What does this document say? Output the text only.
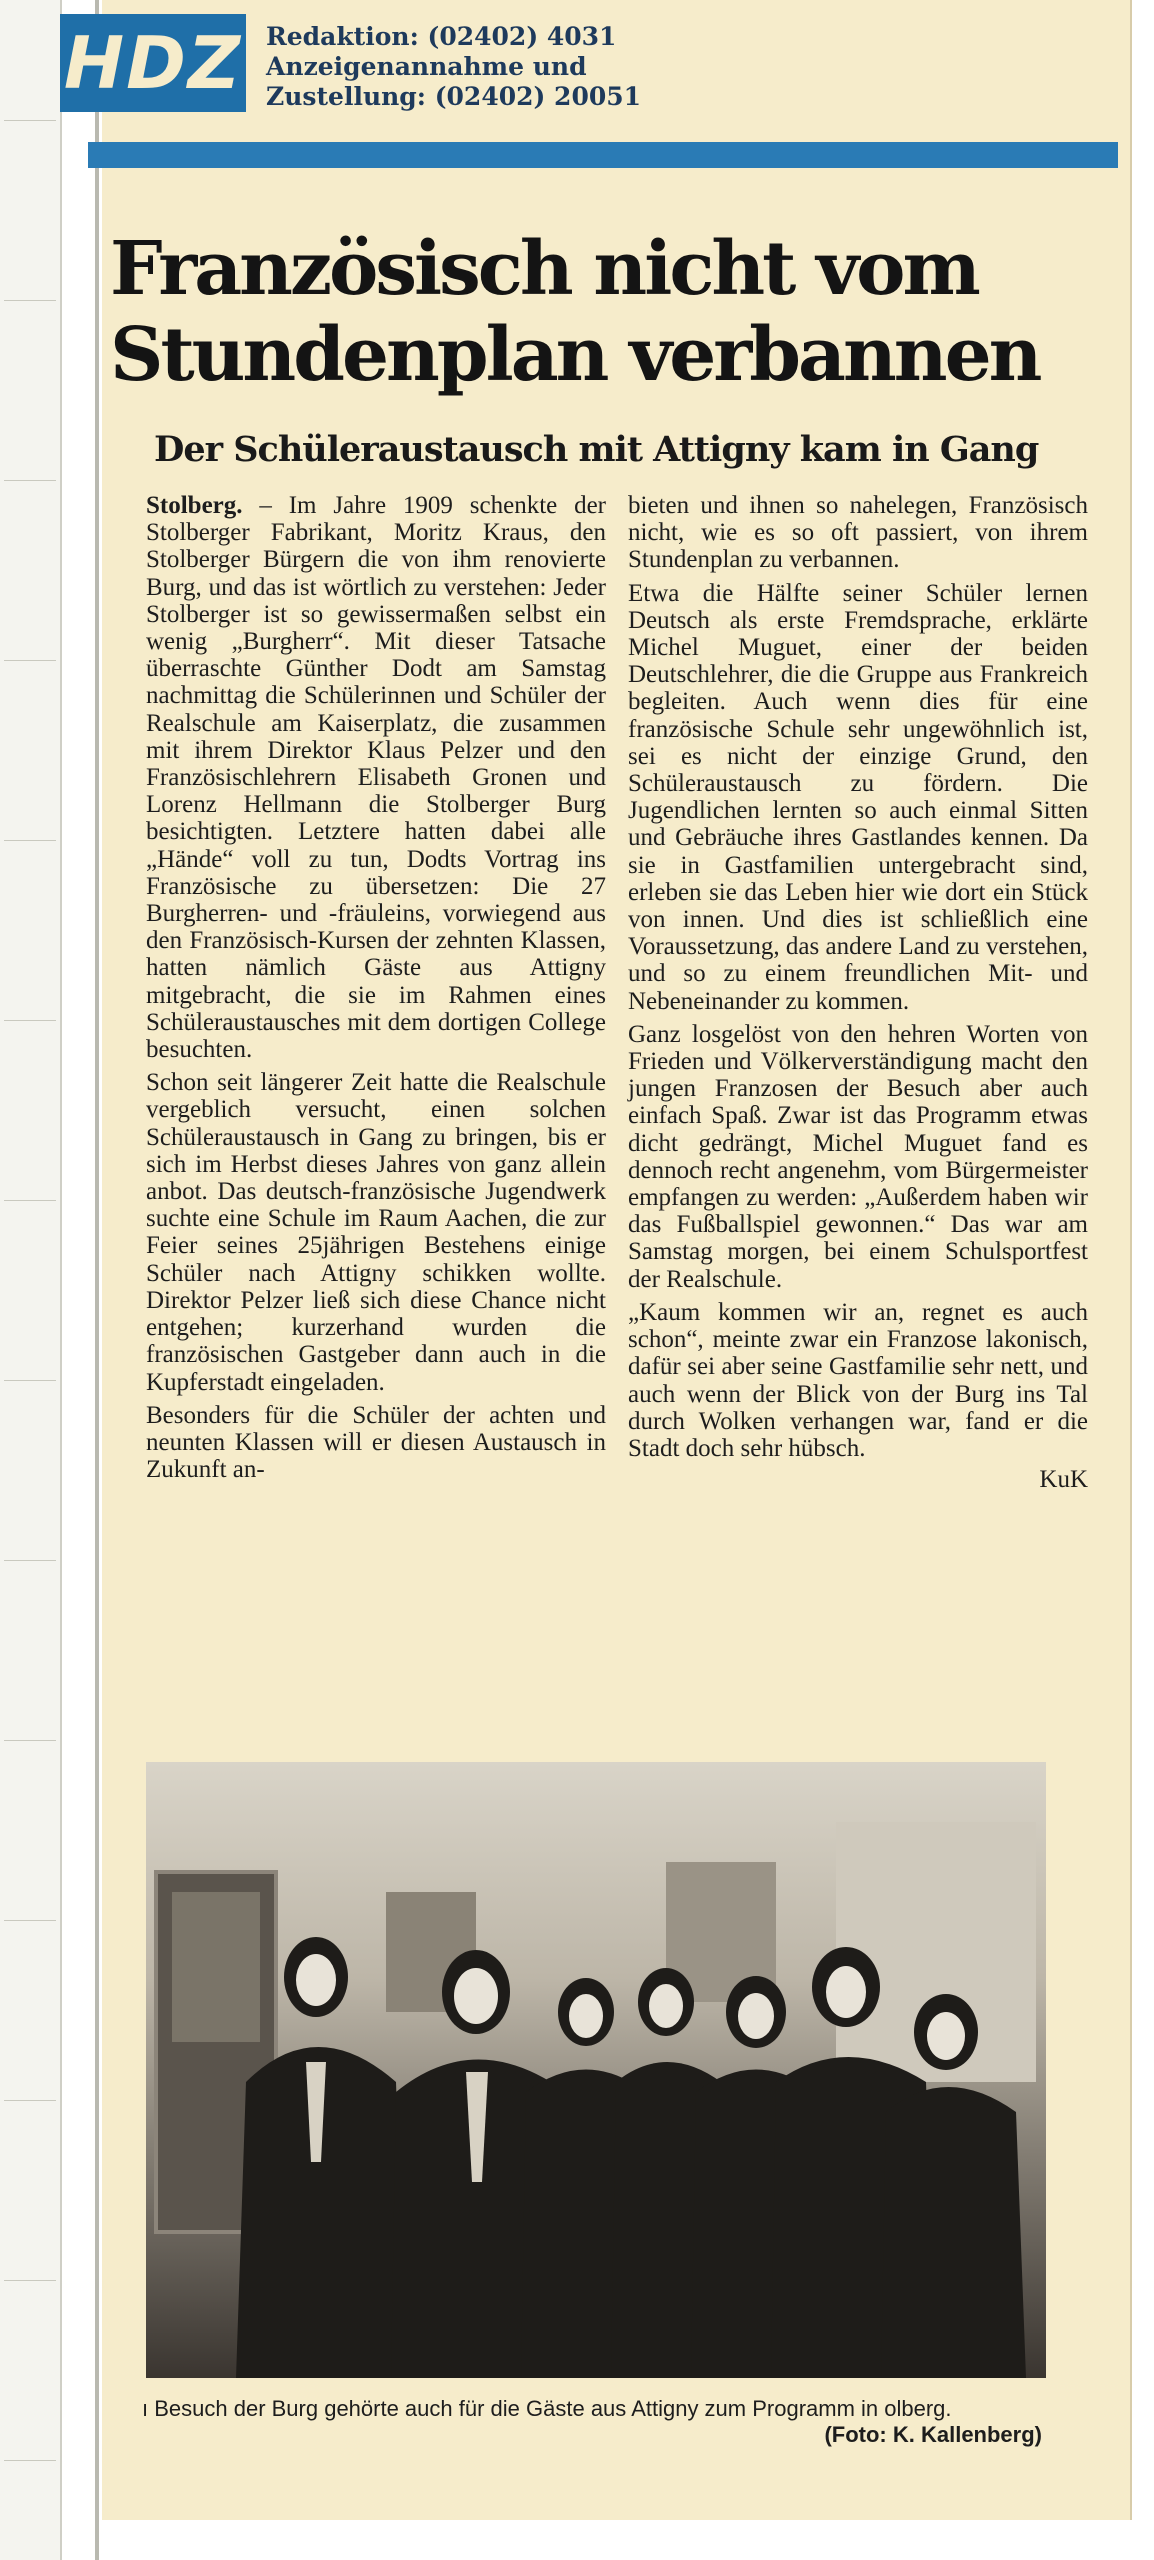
HDZ Redaktion: (02402) 4031
Anzeigenannahme und
Zustellung: (02402) 20051
Französisch nicht vom
Stundenplan verbannen
Der Schüleraustausch mit Attigny kam in Gang

Stolberg. – Im Jahre 1909 schenkte der Stolberger Fabrikant, Moritz Kraus, den Stolberger Bürgern die von ihm renovierte Burg, und das ist wörtlich zu verstehen: Jeder Stolberger ist so gewissermaßen selbst ein wenig „Burgherr“. Mit dieser Tatsache überraschte Günther Dodt am Samstag nachmittag die Schülerinnen und Schüler der Realschule am Kaiserplatz, die zusammen mit ihrem Direktor Klaus Pelzer und den Französischlehrern Elisabeth Gronen und Lorenz Hellmann die Stolberger Burg besichtigten. Letztere hatten dabei alle „Hände“ voll zu tun, Dodts Vortrag ins Französische zu übersetzen: Die 27 Burgherren- und -fräuleins, vorwiegend aus den Französisch-Kursen der zehnten Klassen, hatten nämlich Gäste aus Attigny mitgebracht, die sie im Rahmen eines Schüleraustausches mit dem dortigen College besuchten.

Schon seit längerer Zeit hatte die Realschule vergeblich versucht, einen solchen Schüleraustausch in Gang zu bringen, bis er sich im Herbst dieses Jahres von ganz allein anbot. Das deutsch-französische Jugendwerk suchte eine Schule im Raum Aachen, die zur Feier seines 25jährigen Bestehens einige Schüler nach Attigny schikken wollte. Direktor Pelzer ließ sich diese Chance nicht entgehen; kurzerhand wurden die französischen Gastgeber dann auch in die Kupferstadt eingeladen.

Besonders für die Schüler der achten und neunten Klassen will er diesen Austausch in Zukunft an-

bieten und ihnen so nahelegen, Französisch nicht, wie es so oft passiert, von ihrem Stundenplan zu verbannen.

Etwa die Hälfte seiner Schüler lernen Deutsch als erste Fremdsprache, erklärte Michel Muguet, einer der beiden Deutschlehrer, die die Gruppe aus Frankreich begleiten. Auch wenn dies für eine französische Schule sehr ungewöhnlich ist, sei es nicht der einzige Grund, den Schüleraustausch zu fördern. Die Jugendlichen lernten so auch einmal Sitten und Gebräuche ihres Gastlandes kennen. Da sie in Gastfamilien untergebracht sind, erleben sie das Leben hier wie dort ein Stück von innen. Und dies ist schließlich eine Voraussetzung, das andere Land zu verstehen, und so zu einem freundlichen Mit- und Nebeneinander zu kommen.

Ganz losgelöst von den hehren Worten von Frieden und Völkerverständigung macht den jungen Franzosen der Besuch aber auch einfach Spaß. Zwar ist das Programm etwas dicht gedrängt, Michel Muguet fand es dennoch recht angenehm, vom Bürgermeister empfangen zu werden: „Außerdem haben wir das Fußballspiel gewonnen.“ Das war am Samstag morgen, bei einem Schulsportfest der Realschule.

„Kaum kommen wir an, regnet es auch schon“, meinte zwar ein Franzose lakonisch, dafür sei aber seine Gastfamilie sehr nett, und auch wenn der Blick von der Burg ins Tal durch Wolken verhangen war, fand er die Stadt doch sehr hübsch.

KuK

ı Besuch der Burg gehörte auch für die Gäste aus Attigny zum Programm in olberg.
(Foto: K. Kallenberg)
